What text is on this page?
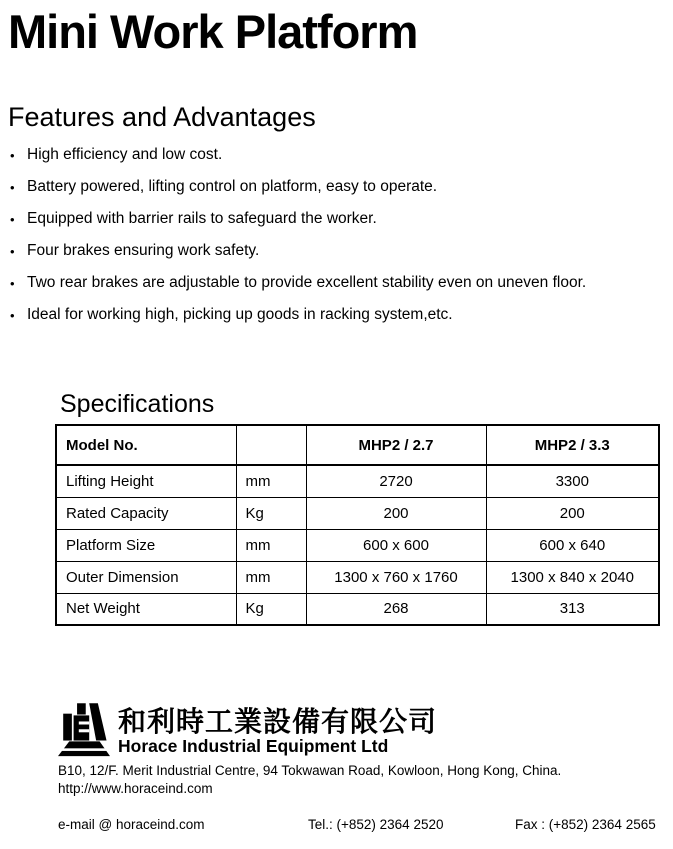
Mini Work Platform
Features and Advantages
• High efficiency and low cost.
• Battery powered, lifting control on platform, easy to operate.
• Equipped with barrier rails to safeguard the worker.
• Four brakes ensuring work safety.
• Two rear brakes are adjustable to provide excellent stability even on uneven floor.
• Ideal for working high, picking up goods in racking system,etc.
Specifications
Model No.		MHP2 / 2.7	MHP2 / 3.3
Lifting Height	mm	2720	3300
Rated Capacity	Kg	200	200
Platform Size	mm	600 x 600	600 x 640
Outer Dimension	mm	1300 x 760 x 1760	1300 x 840 x 2040
Net Weight	Kg	268	313
和利時工業設備有限公司
Horace Industrial Equipment Ltd
B10, 12/F. Merit Industrial Centre, 94 Tokwawan Road, Kowloon, Hong Kong, China.
http://www.horaceind.com
e-mail @ horaceind.com	Tel.: (+852) 2364 2520	Fax : (+852) 2364 2565
